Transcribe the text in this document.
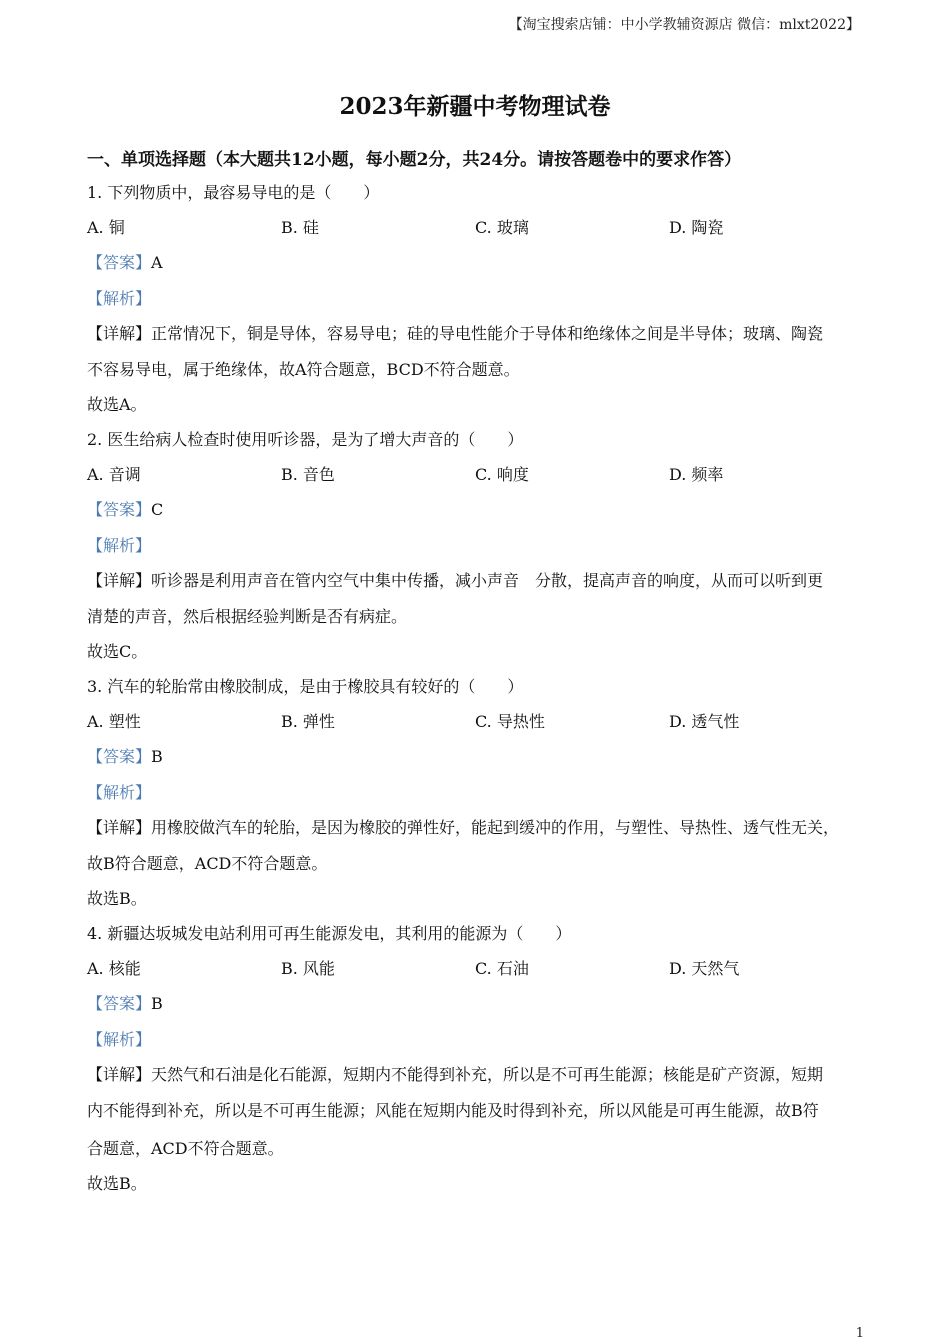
【淘宝搜索店铺：中小学教辅资源店 微信：mlxt2022】
2023年新疆中考物理试卷
一、单项选择题（本大题共12小题，每小题2分，共24分。请按答题卷中的要求作答）
1. 下列物质中，最容易导电的是（　　）
A. 铜	B. 硅	C. 玻璃	D. 陶瓷
【答案】A
【解析】
【详解】正常情况下，铜是导体，容易导电；硅的导电性能介于导体和绝缘体之间是半导体；玻璃、陶瓷
不容易导电，属于绝缘体，故A符合题意，BCD不符合题意。
故选A。
2. 医生给病人检查时使用听诊器，是为了增大声音的（　　）
A. 音调	B. 音色	C. 响度	D. 频率
【答案】C
【解析】
【详解】听诊器是利用声音在管内空气中集中传播，减小声音　分散，提高声音的响度，从而可以听到更
清楚的声音，然后根据经验判断是否有病症。
故选C。
3. 汽车的轮胎常由橡胶制成，是由于橡胶具有较好的（　　）
A. 塑性	B. 弹性	C. 导热性	D. 透气性
【答案】B
【解析】
【详解】用橡胶做汽车的轮胎，是因为橡胶的弹性好，能起到缓冲的作用，与塑性、导热性、透气性无关，
故B符合题意，ACD不符合题意。
故选B。
4. 新疆达坂城发电站利用可再生能源发电，其利用的能源为（　　）
A. 核能	B. 风能	C. 石油	D. 天然气
【答案】B
【解析】
【详解】天然气和石油是化石能源，短期内不能得到补充，所以是不可再生能源；核能是矿产资源，短期
内不能得到补充，所以是不可再生能源；风能在短期内能及时得到补充，所以风能是可再生能源，故B符
合题意，ACD不符合题意。
故选B。
1
